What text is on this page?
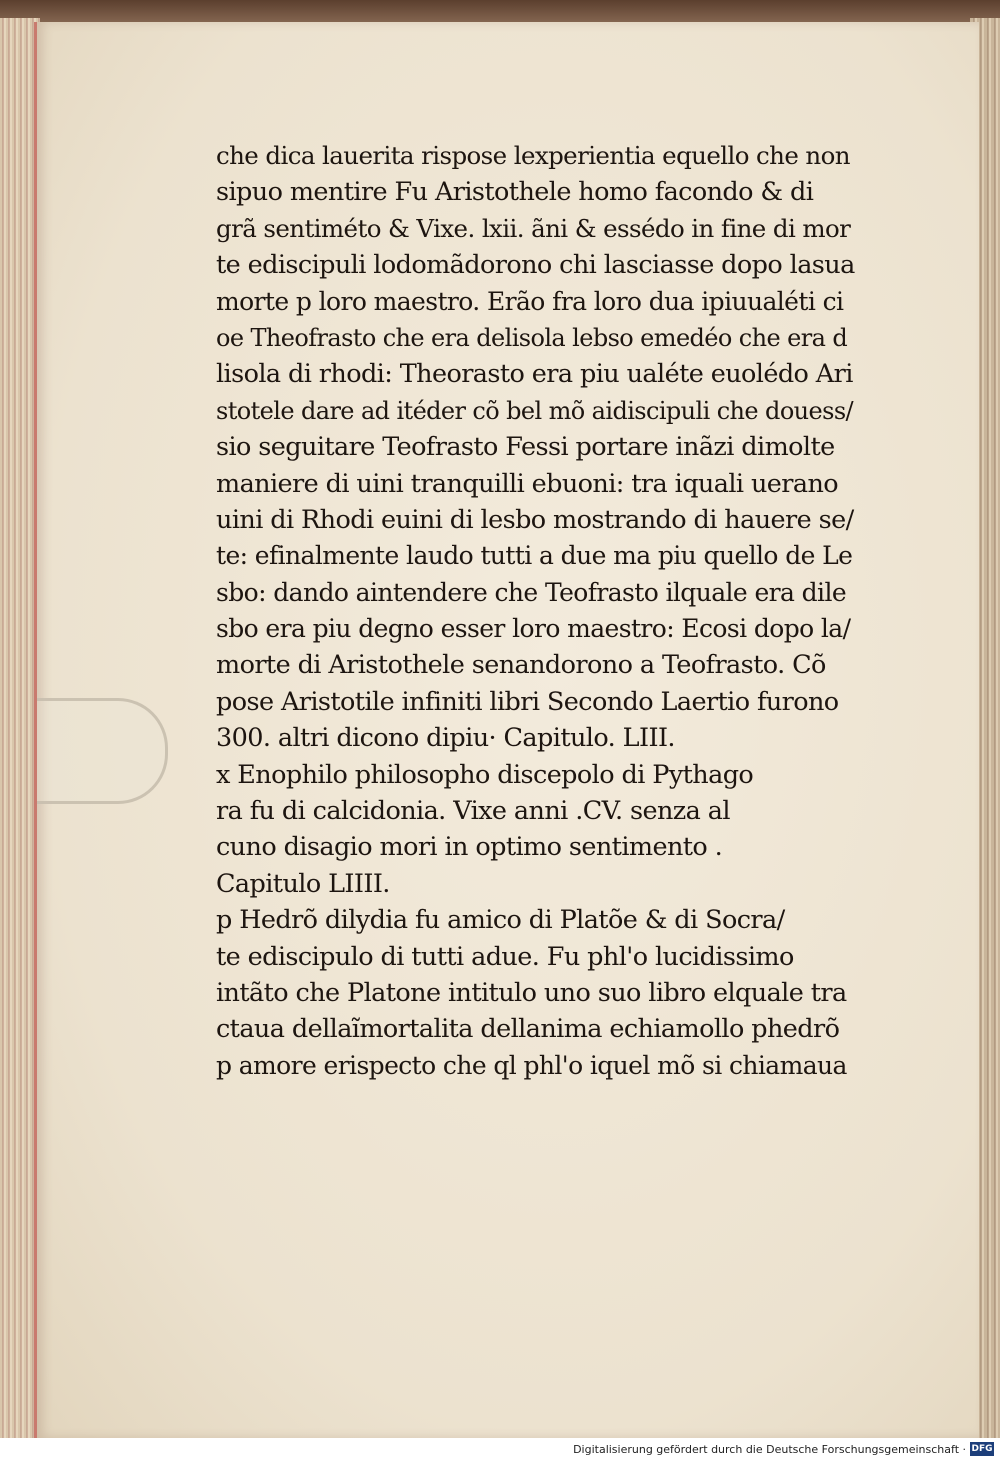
che dica lauerita rispose lexperientia equello che non
sipuo mentire Fu Aristothele homo facondo & di
grã sentiméto & Vixe. lxii. ãni & essédo in fine di mor
te ediscipuli lodomãdorono chi lasciasse dopo lasua
morte p loro maestro. Erão fra loro dua ipiuualéti ci
oe Theofrasto che era delisola lebso emedéo che era d
lisola di rhodi: Theorasto era piu ualéte euolédo Ari
stotele dare ad itéder cõ bel mõ aidiscipuli che douess/
sio seguitare Teofrasto Fessi portare inãzi dimolte
maniere di uini tranquilli ebuoni: tra iquali uerano
uini di Rhodi euini di lesbo mostrando di hauere se/
te: efinalmente laudo tutti a due ma piu quello de Le
sbo: dando aintendere che Teofrasto ilquale era dile
sbo era piu degno esser loro maestro: Ecosi dopo la/
morte di Aristothele senandorono a Teofrasto. Cõ
pose Aristotile infiniti libri Secondo Laertio furono
300. altri dicono dipiu· Capitulo. LIII.
x Enophilo philosopho discepolo di Pythago
ra fu di calcidonia. Vixe anni .CV. senza al
cuno disagio mori in optimo sentimento .
Capitulo LIIII.
p Hedrõ dilydia fu amico di Platõe & di Socra/
te ediscipulo di tutti adue. Fu phl'o lucidissimo
intãto che Platone intitulo uno suo libro elquale tra
ctaua dellaĩmortalita dellanima echiamollo phedrõ
p amore erispecto che ql phl'o iquel mõ si chiamaua
Digitalisierung gefördert durch die Deutsche Forschungsgemeinschaft · DFG
